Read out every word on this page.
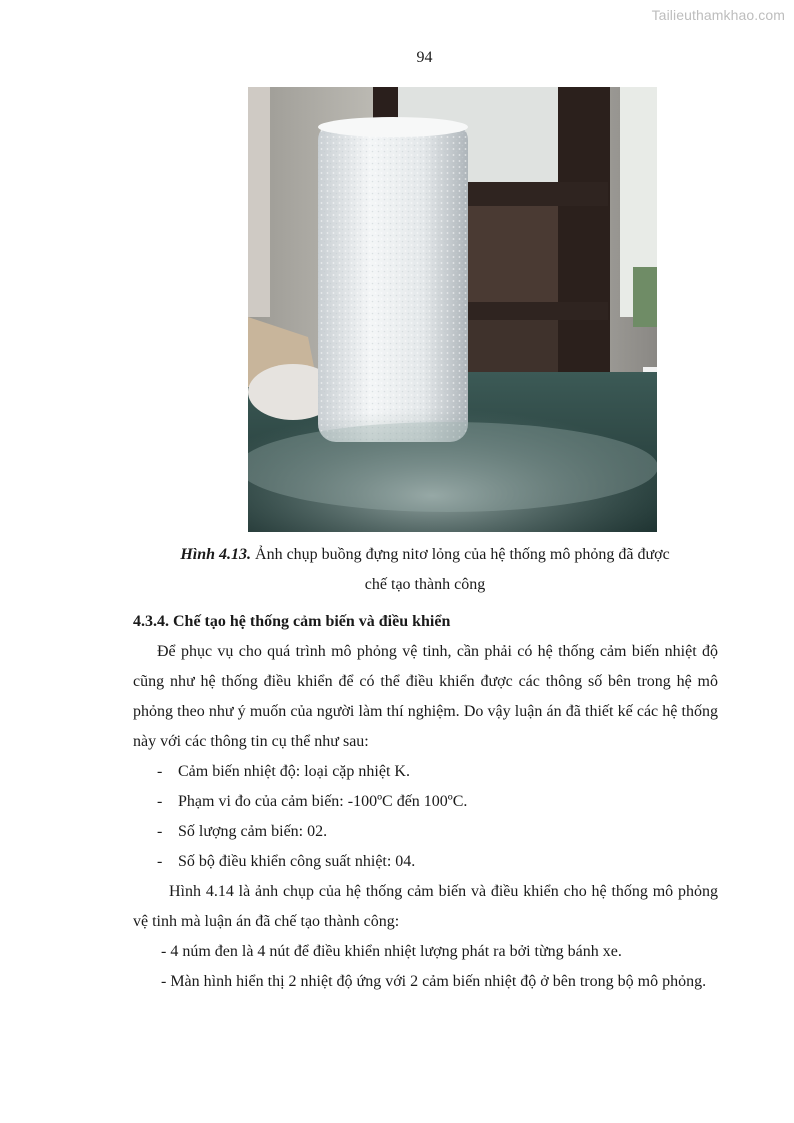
Tailieuthamkhao.com
94
Hình 4.13. Ảnh chụp buồng đựng nitơ lỏng của hệ thống mô phỏng đã được
chế tạo thành công

4.3.4. Chế tạo hệ thống cảm biến và điều khiển

Để phục vụ cho quá trình mô phỏng vệ tinh, cần phải có hệ thống cảm biến nhiệt độ cũng như hệ thống điều khiển để có thể điều khiển được các thông số bên trong hệ mô phỏng theo như ý muốn của người làm thí nghiệm. Do vậy luận án đã thiết kế các hệ thống này với các thông tin cụ thể như sau:

- Cảm biến nhiệt độ: loại cặp nhiệt K.
- Phạm vi đo của cảm biến: -100ºC đến 100ºC.
- Số lượng cảm biến: 02.
- Số bộ điều khiển công suất nhiệt: 04.

Hình 4.14 là ảnh chụp của hệ thống cảm biến và điều khiển cho hệ thống mô phỏng vệ tinh mà luận án đã chế tạo thành công:

- 4 núm đen là 4 nút để điều khiển nhiệt lượng phát ra bởi từng bánh xe.

- Màn hình hiển thị 2 nhiệt độ ứng với 2 cảm biến nhiệt độ ở bên trong bộ mô phỏng.
